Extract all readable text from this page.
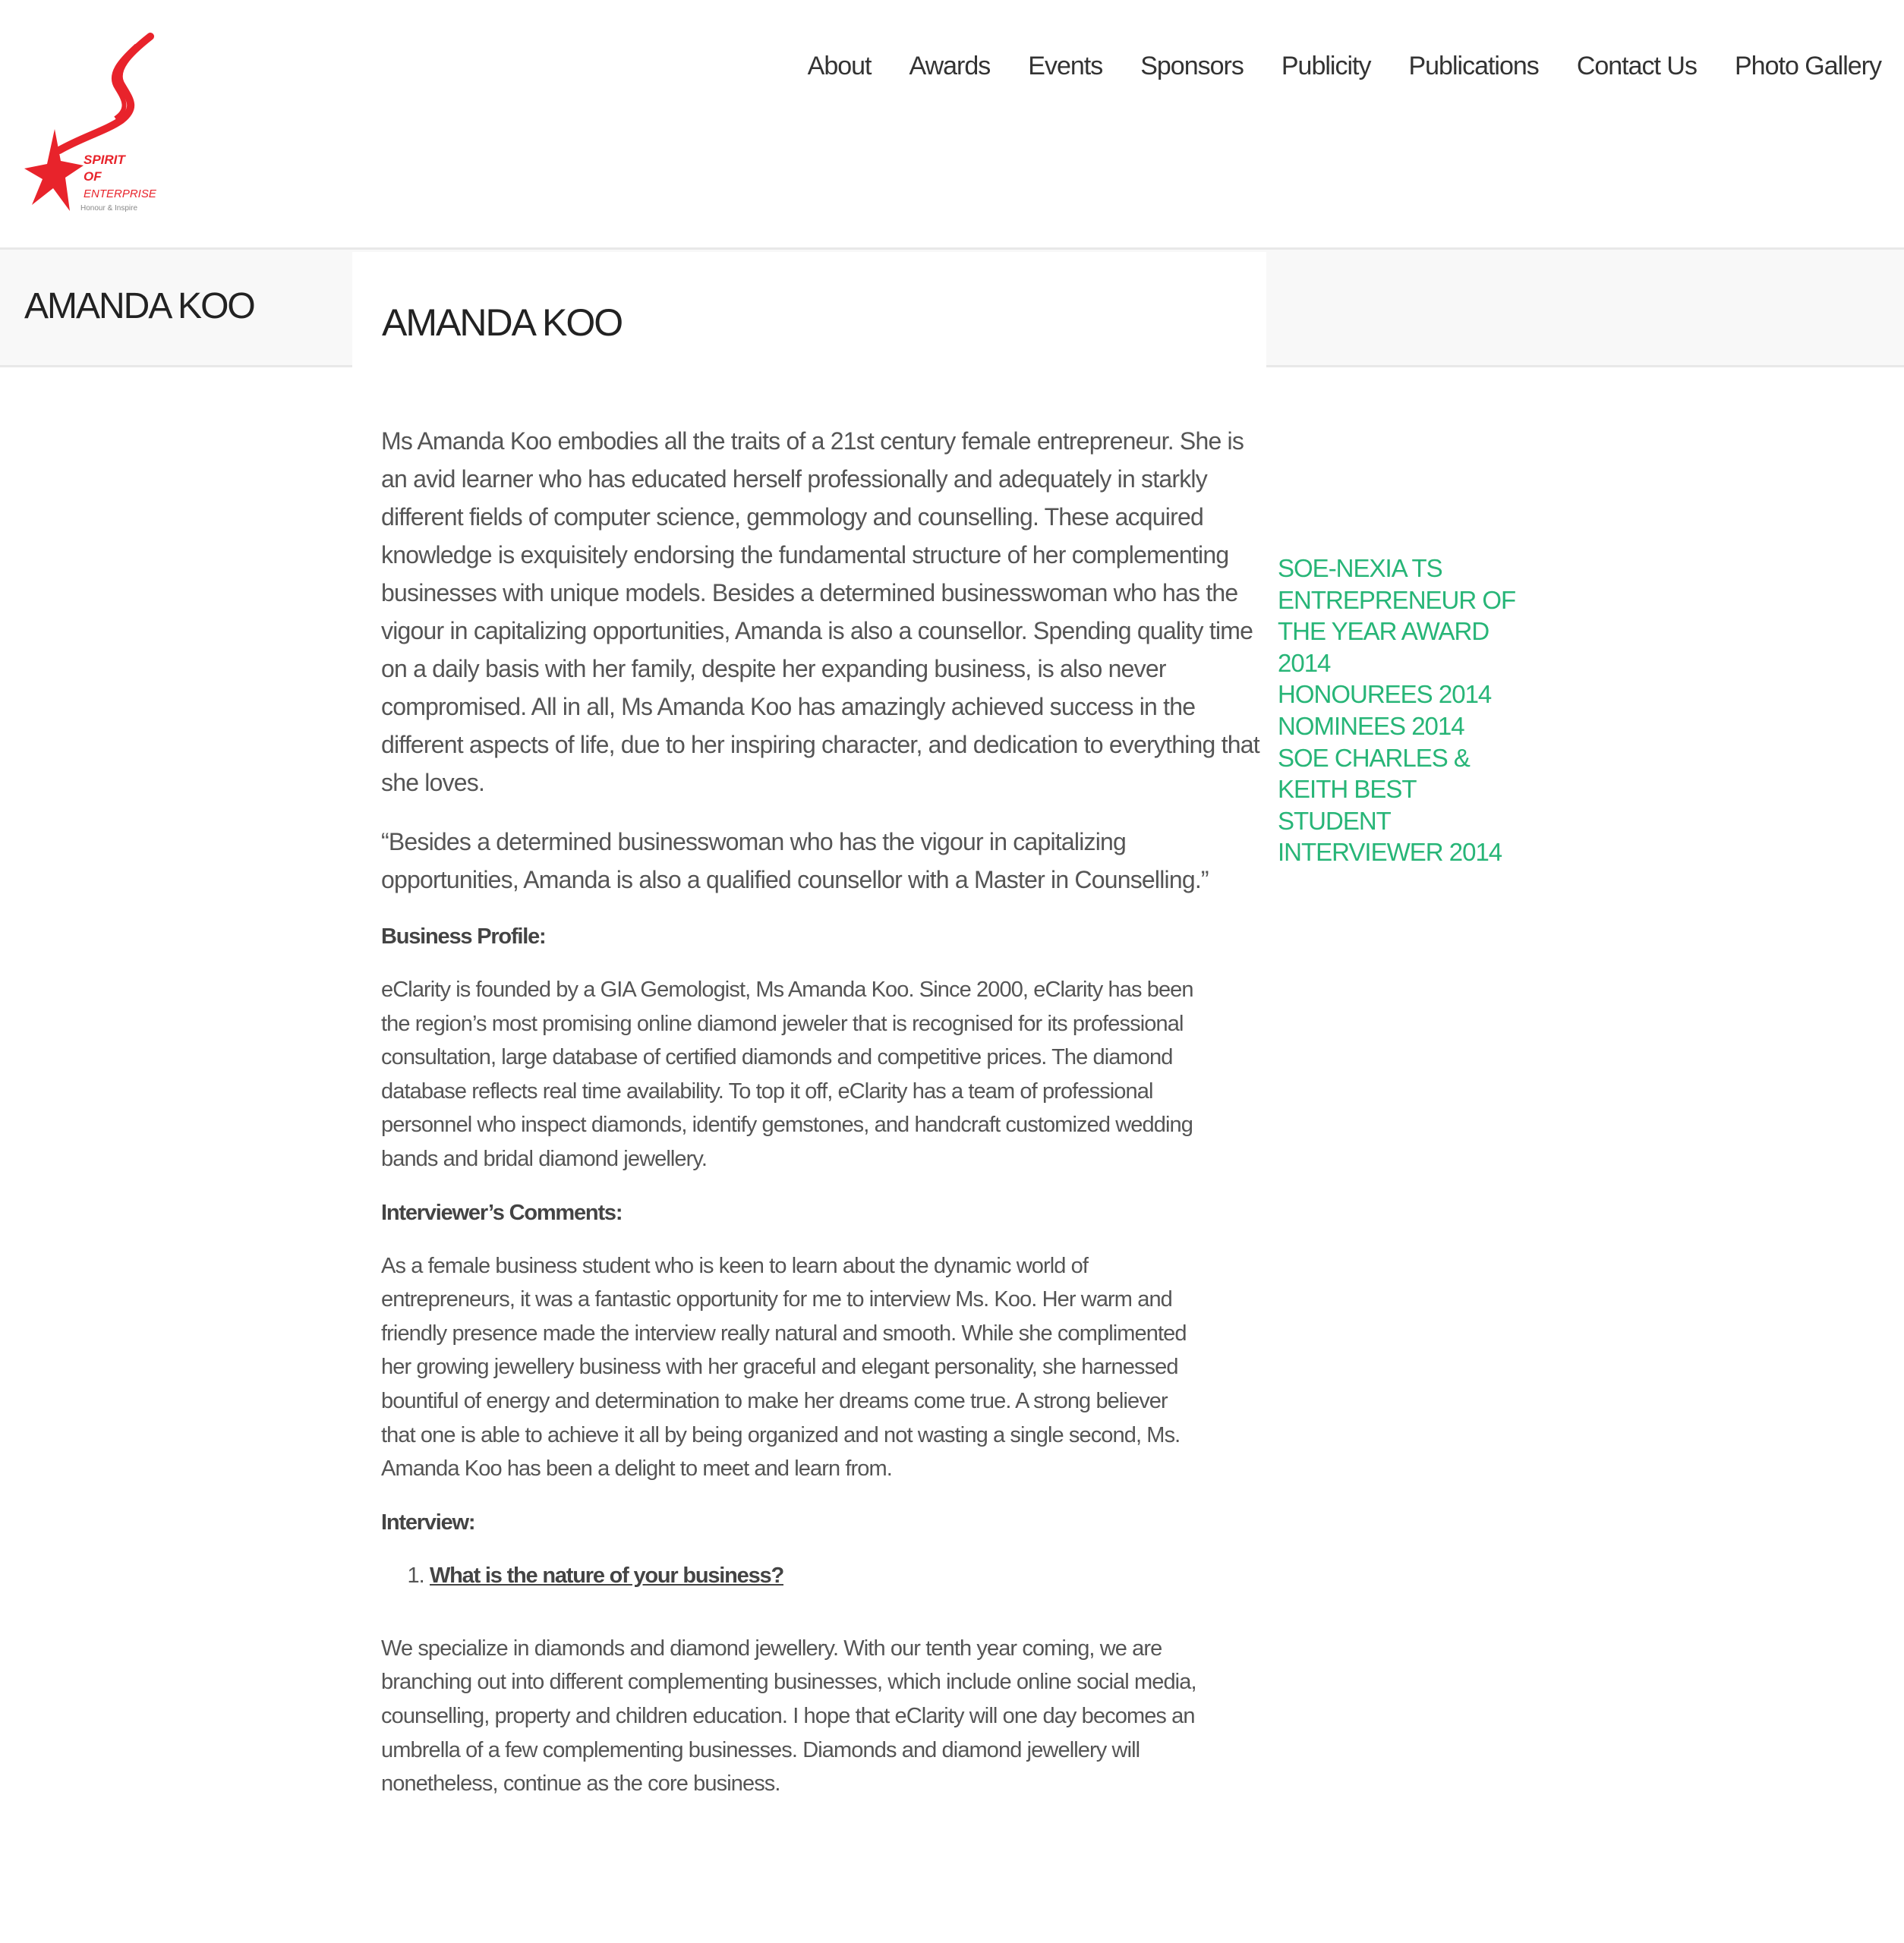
SPIRIT
OF
ENTERPRISE
Honour & Inspire
About Awards Events Sponsors Publicity Publications Contact Us Photo Gallery
AMANDA KOO	AMANDA KOO

Ms Amanda Koo embodies all the traits of a 21st century female entrepreneur. She is an avid learner who has educated herself professionally and adequately in starkly different fields of computer science, gemmology and counselling. These acquired knowledge is exquisitely endorsing the fundamental structure of her complementing businesses with unique models. Besides a determined businesswoman who has the vigour in capitalizing opportunities, Amanda is also a counsellor. Spending quality time on a daily basis with her family, despite her expanding business, is also never compromised. All in all, Ms Amanda Koo has amazingly achieved success in the different aspects of life, due to her inspiring character, and dedication to everything that she loves.

“Besides a determined businesswoman who has the vigour in capitalizing opportunities, Amanda is also a qualified counsellor with a Master in Counselling.”

Business Profile:

eClarity is founded by a GIA Gemologist, Ms Amanda Koo. Since 2000, eClarity has been the region’s most promising online diamond jeweler that is recognised for its professional consultation, large database of certified diamonds and competitive prices. The diamond database reflects real time availability. To top it off, eClarity has a team of professional personnel who inspect diamonds, identify gemstones, and handcraft customized wedding bands and bridal diamond jewellery.

Interviewer’s Comments:

As a female business student who is keen to learn about the dynamic world of entrepreneurs, it was a fantastic opportunity for me to interview Ms. Koo. Her warm and friendly presence made the interview really natural and smooth. While she complimented her growing jewellery business with her graceful and elegant personality, she harnessed bountiful of energy and determination to make her dreams come true. A strong believer that one is able to achieve it all by being organized and not wasting a single second, Ms. Amanda Koo has been a delight to meet and learn from.

Interview:

1. What is the nature of your business?

We specialize in diamonds and diamond jewellery. With our tenth year coming, we are branching out into different complementing businesses, which include online social media, counselling, property and children education. I hope that eClarity will one day becomes an umbrella of a few complementing businesses. Diamonds and diamond jewellery will nonetheless, continue as the core business.

SOE-NEXIA TS ENTREPRENEUR OF THE YEAR AWARD 2014
HONOUREES 2014
NOMINEES 2014
SOE CHARLES & KEITH BEST STUDENT INTERVIEWER 2014
